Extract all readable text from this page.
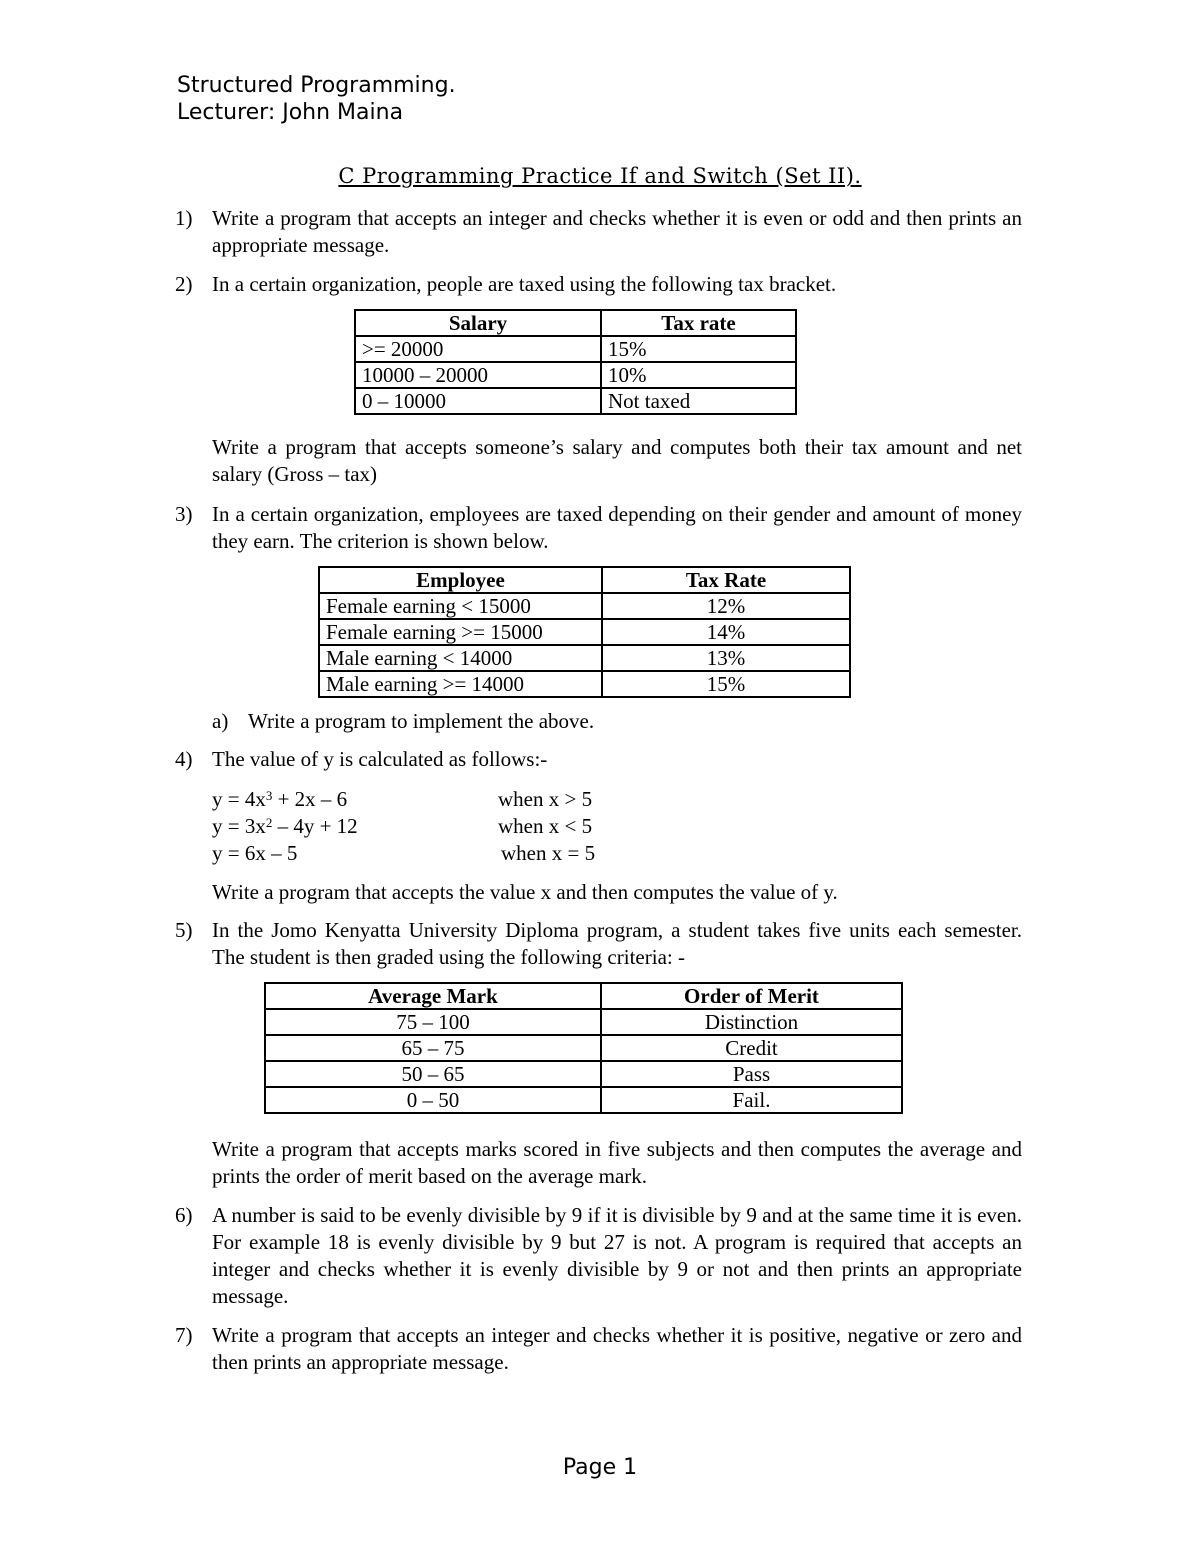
Structured Programming.
Lecturer: John Maina
C Programming Practice If and Switch (Set II).
1) Write a program that accepts an integer and checks whether it is even or odd and then prints an appropriate message.
2) In a certain organization, people are taxed using the following tax bracket.
Salary	Tax rate
>= 20000	15%
10000 – 20000	10%
0 – 10000	Not taxed
Write a program that accepts someone’s salary and computes both their tax amount and net salary (Gross – tax)
3) In a certain organization, employees are taxed depending on their gender and amount of money they earn. The criterion is shown below.
Employee	Tax Rate
Female earning < 15000	12%
Female earning >= 15000	14%
Male earning < 14000	13%
Male earning >= 14000	15%
a) Write a program to implement the above.
4) The value of y is calculated as follows:-
$y = 4x^3 + 2x - 6$	when x > 5
$y = 3x^2 - 4y + 12$	when x < 5
y = 6x – 5	when x = 5
Write a program that accepts the value x and then computes the value of y.
5) In the Jomo Kenyatta University Diploma program, a student takes five units each semester. The student is then graded using the following criteria: -
Average Mark	Order of Merit
75 – 100	Distinction
65 – 75	Credit
50 – 65	Pass
0 – 50	Fail.
Write a program that accepts marks scored in five subjects and then computes the average and prints the order of merit based on the average mark.
6) A number is said to be evenly divisible by 9 if it is divisible by 9 and at the same time it is even. For example 18 is evenly divisible by 9 but 27 is not. A program is required that accepts an integer and checks whether it is evenly divisible by 9 or not and then prints an appropriate message.
7) Write a program that accepts an integer and checks whether it is positive, negative or zero and then prints an appropriate message.
Page 1
